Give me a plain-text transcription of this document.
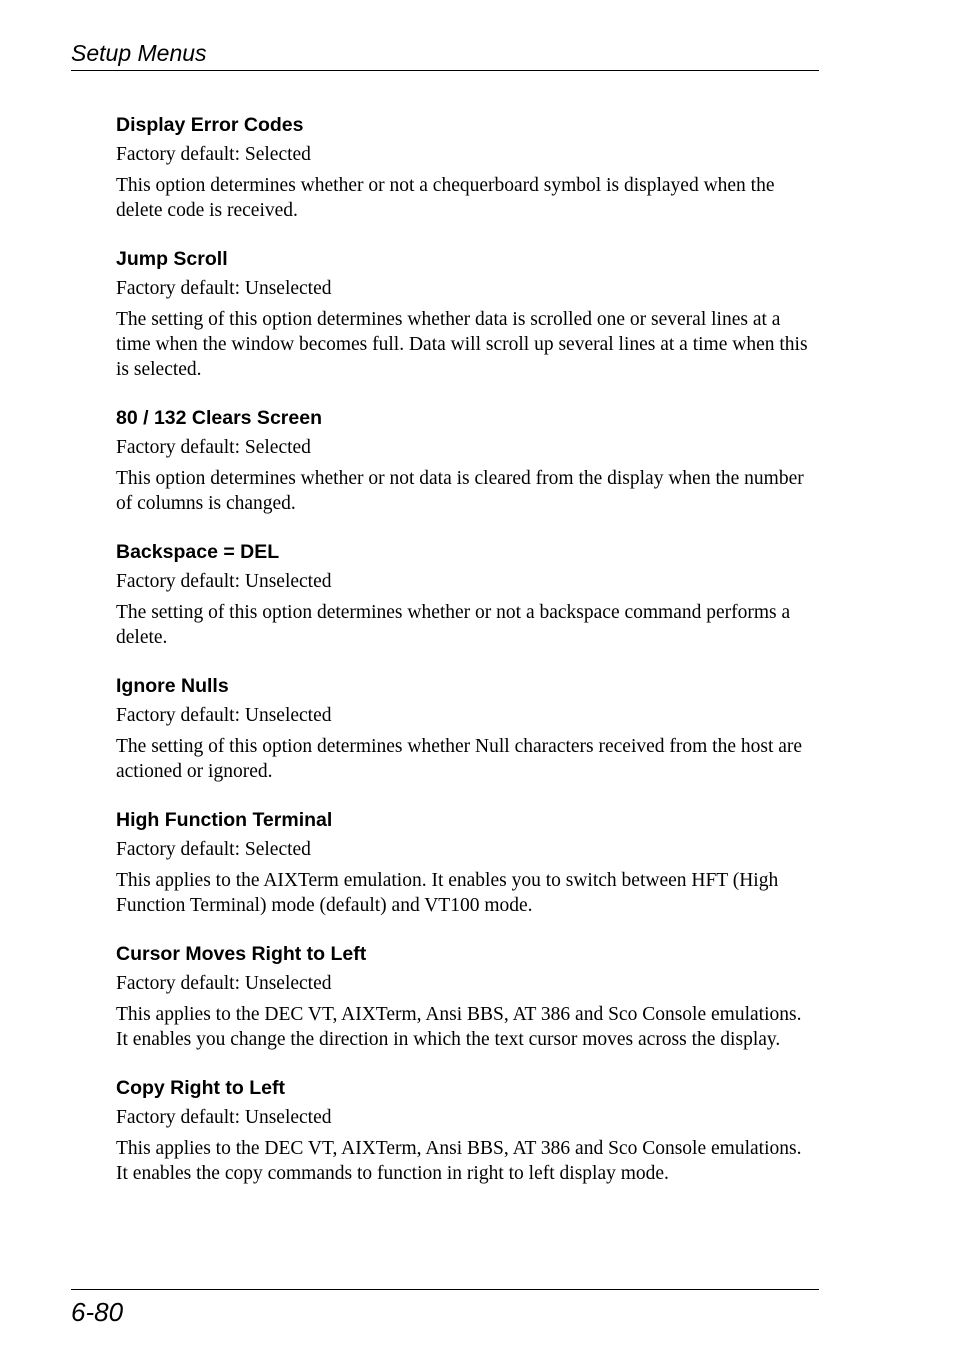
Setup Menus
Display Error Codes

Factory default: Selected

This option determines whether or not a chequerboard symbol is displayed when the delete code is received.

Jump Scroll

Factory default: Unselected

The setting of this option determines whether data is scrolled one or several lines at a time when the window becomes full. Data will scroll up several lines at a time when this is selected.

80 / 132 Clears Screen

Factory default: Selected

This option determines whether or not data is cleared from the display when the number of columns is changed.

Backspace = DEL

Factory default: Unselected

The setting of this option determines whether or not a backspace command performs a delete.

Ignore Nulls

Factory default: Unselected

The setting of this option determines whether Null characters received from the host are actioned or ignored.

High Function Terminal

Factory default: Selected

This applies to the AIXTerm emulation. It enables you to switch between HFT (High Function Terminal) mode (default) and VT100 mode.

Cursor Moves Right to Left

Factory default: Unselected

This applies to the DEC VT, AIXTerm, Ansi BBS, AT 386 and Sco Console emulations. It enables you change the direction in which the text cursor moves across the display.

Copy Right to Left

Factory default: Unselected

This applies to the DEC VT, AIXTerm, Ansi BBS, AT 386 and Sco Console emulations. It enables the copy commands to function in right to left display mode.

6-80
